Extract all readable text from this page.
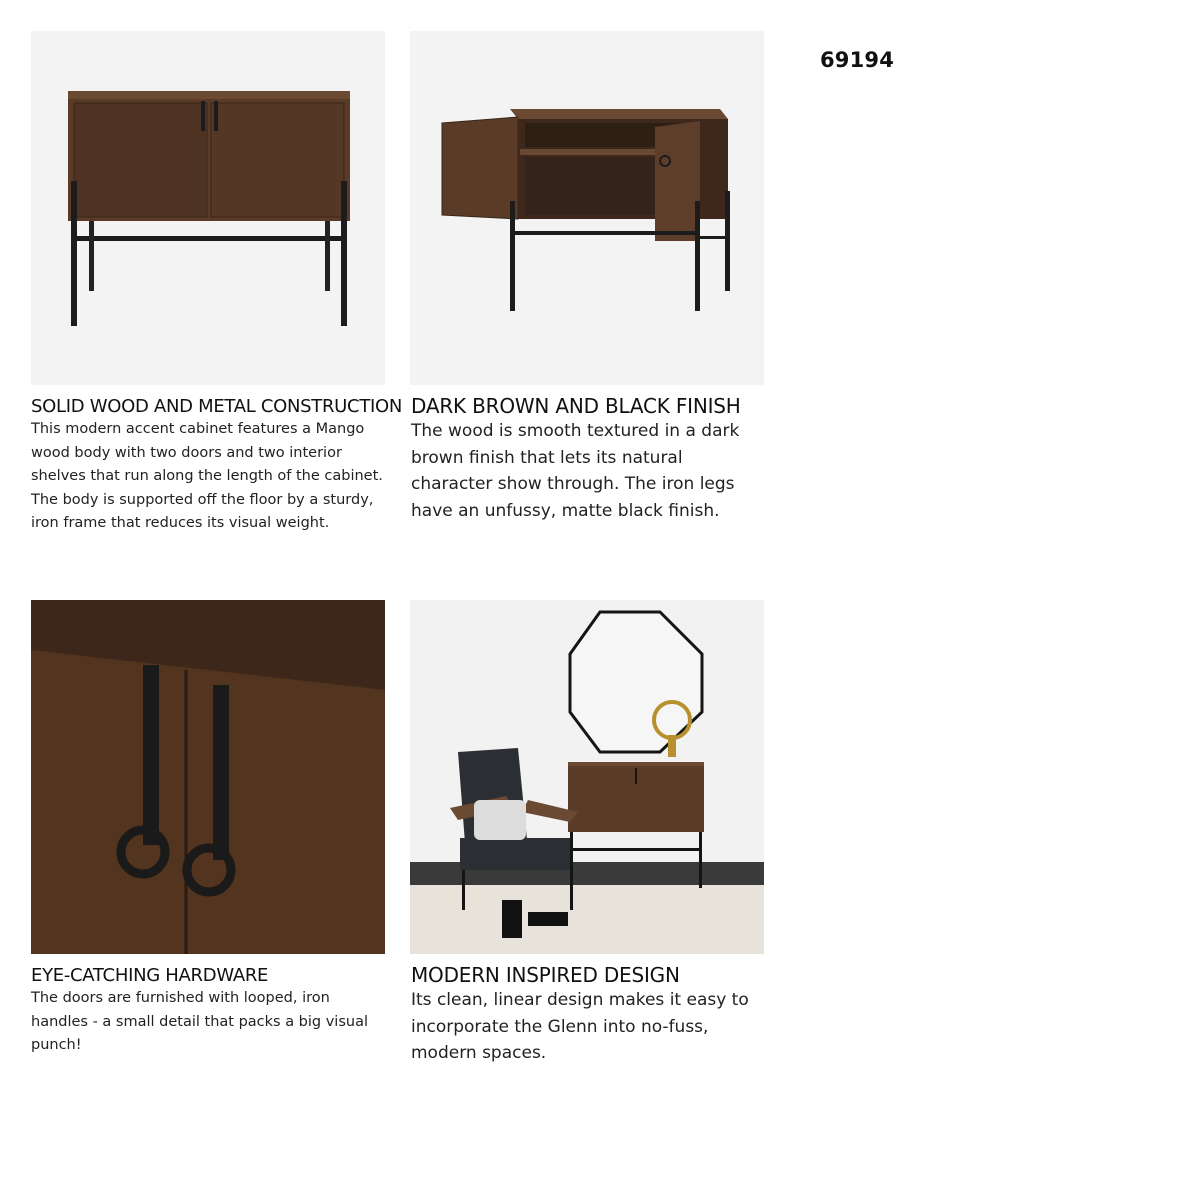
69194
SOLID WOOD AND METAL CONSTRUCTION
This modern accent cabinet features a Mango wood body with two doors and two interior shelves that run along the length of the cabinet. The body is supported off the floor by a sturdy, iron frame that reduces its visual weight.
DARK BROWN AND BLACK FINISH
The wood is smooth textured in a dark brown finish that lets its natural character show through. The iron legs have an unfussy, matte black finish.
EYE-CATCHING HARDWARE
The doors are furnished with looped, iron handles - a small detail that packs a big visual punch!
MODERN INSPIRED DESIGN
Its clean, linear design makes it easy to incorporate the Glenn into no-fuss, modern spaces.
